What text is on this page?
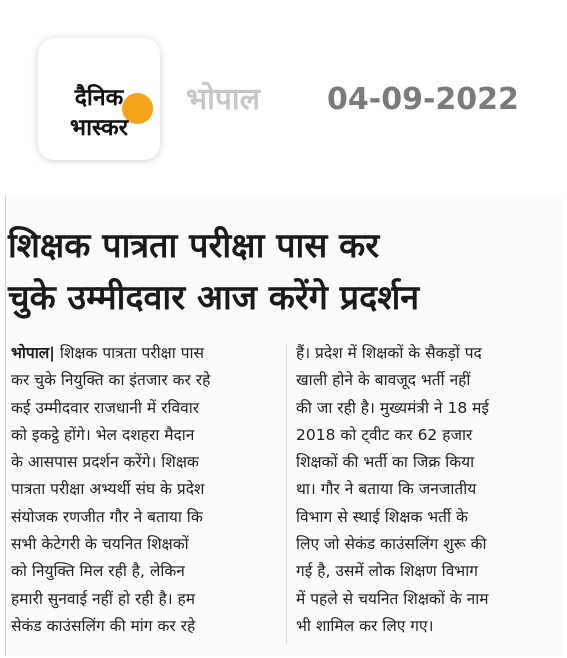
दैनिक
भास्कर
भोपाल 04-09-2022
शिक्षक पात्रता परीक्षा पास कर
चुके उम्मीदवार आज करेंगे प्रदर्शन
भोपाल| शिक्षक पात्रता परीक्षा पास
कर चुके नियुक्ति का इंतजार कर रहे
कई उम्मीदवार राजधानी में रविवार
को इकट्ठे होंगे। भेल दशहरा मैदान
के आसपास प्रदर्शन करेंगे। शिक्षक
पात्रता परीक्षा अभ्यर्थी संघ के प्रदेश
संयोजक रणजीत गौर ने बताया कि
सभी केटेगरी के चयनित शिक्षकों
को नियुक्ति मिल रही है, लेकिन
हमारी सुनवाई नहीं हो रही है। हम
सेकंड काउंसलिंग की मांग कर रहे
हैं। प्रदेश में शिक्षकों के सैकड़ों पद
खाली होने के बावजूद भर्ती नहीं
की जा रही है। मुख्यमंत्री ने 18 मई
2018 को ट्वीट कर 62 हजार
शिक्षकों की भर्ती का जिक्र किया
था। गौर ने बताया कि जनजातीय
विभाग से स्थाई शिक्षक भर्ती के
लिए जो सेकंड काउंसलिंग शुरू की
गई है, उसमें लोक शिक्षण विभाग
में पहले से चयनित शिक्षकों के नाम
भी शामिल कर लिए गए।
